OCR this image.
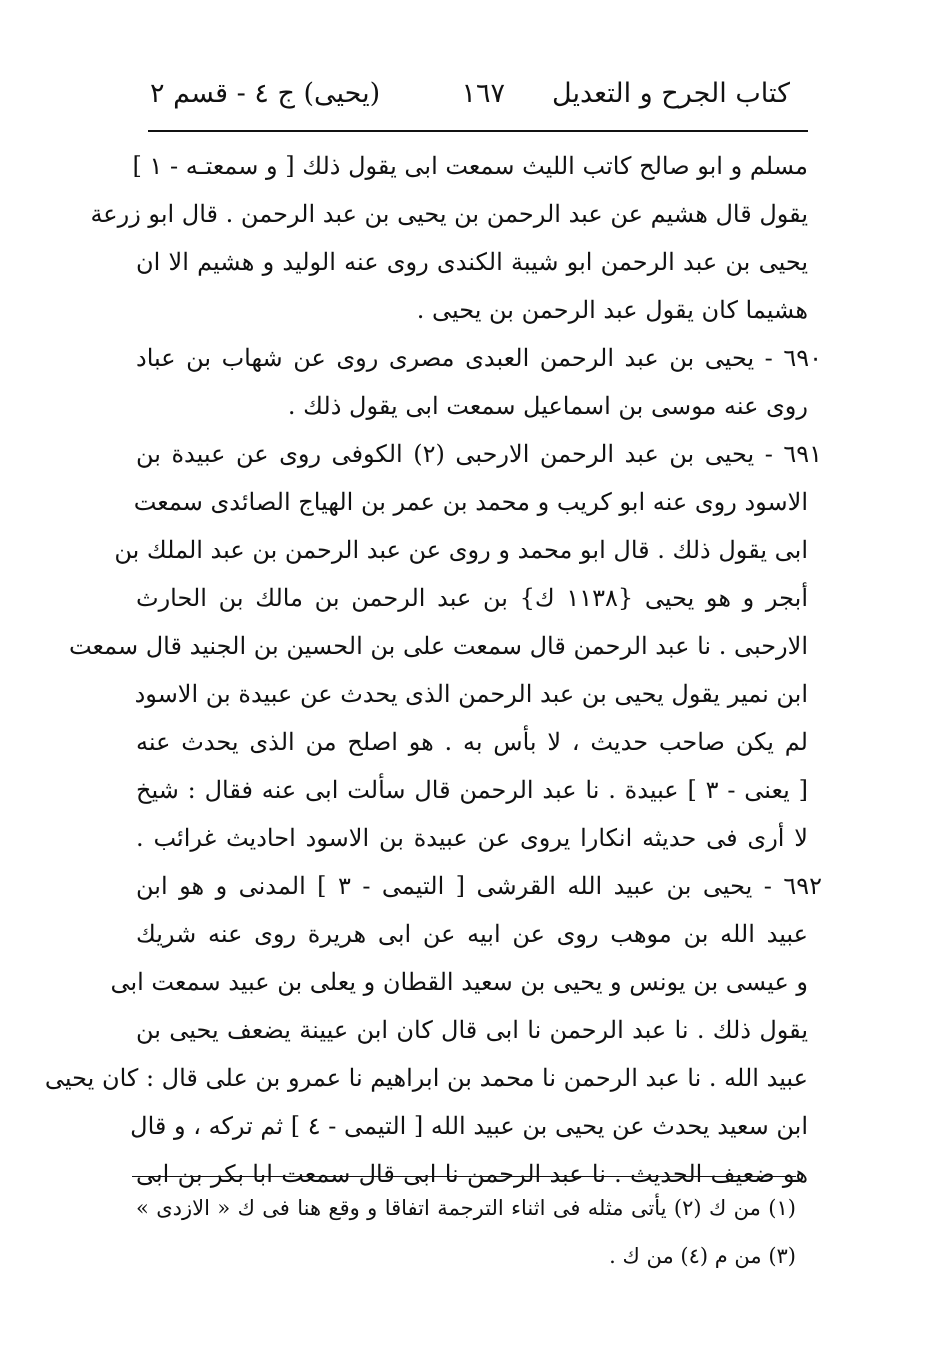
كتاب الجرح و التعديل
١٦٧
(يحيى) ج ٤ - قسم ٢
مسلم و ابو صالح كاتب الليث سمعت ابى يقول ذلك [ و سمعتـه - ١ ]
يقول قال هشيم عن عبد الرحمن بن يحيى بن عبد الرحمن . قال ابو زرعة
يحيى بن عبد الرحمن ابو شيبة الكندى روى عنه الوليد و هشيم الا ان
هشيما كان يقول عبد الرحمن بن يحيى .
٦٩٠ - يحيى بن عبد الرحمن العبدى مصرى روى عن شهاب بن عباد
روى عنه موسى بن اسماعيل سمعت ابى يقول ذلك .
٦٩١ - يحيى بن عبد الرحمن الارحبى (٢) الكوفى روى عن عبيدة بن
الاسود روى عنه ابو كريب و محمد بن عمر بن الهياج الصائدى سمعت
ابى يقول ذلك . قال ابو محمد و روى عن عبد الرحمن بن عبد الملك بن
أبجر و هو يحيى {١١٣٨ ك} بن عبد الرحمن بن مالك بن الحارث
الارحبى . نا عبد الرحمن قال سمعت على بن الحسين بن الجنيد قال سمعت
ابن نمير يقول يحيى بن عبد الرحمن الذى يحدث عن عبيدة بن الاسود
لم يكن صاحب حديث ، لا بأس به . هو اصلح من الذى يحدث عنه
[ يعنى - ٣ ] عبيدة . نا عبد الرحمن قال سألت ابى عنه فقال : شيخ
لا أرى فى حديثه انكارا يروى عن عبيدة بن الاسود احاديث غرائب .
٦٩٢ - يحيى بن عبيد الله القرشى [ التيمى - ٣ ] المدنى و هو ابن
عبيد الله بن موهب روى عن ابيه عن ابى هريرة روى عنه شريك
و عيسى بن يونس و يحيى بن سعيد القطان و يعلى بن عبيد سمعت ابى
يقول ذلك . نا عبد الرحمن نا ابى قال كان ابن عيينة يضعف يحيى بن
عبيد الله . نا عبد الرحمن نا محمد بن ابراهيم نا عمرو بن على قال : كان يحيى
ابن سعيد يحدث عن يحيى بن عبيد الله [ التيمى - ٤ ] ثم تركه ، و قال
هو ضعيف الحديث . نا عبد الرحمن نا ابى قال سمعت ابا بكر بن ابى
(١) من ك (٢) يأتى مثله فى اثناء الترجمة اتفاقا و وقع هنا فى ك « الازدى »
(٣) من م (٤) من ك .
